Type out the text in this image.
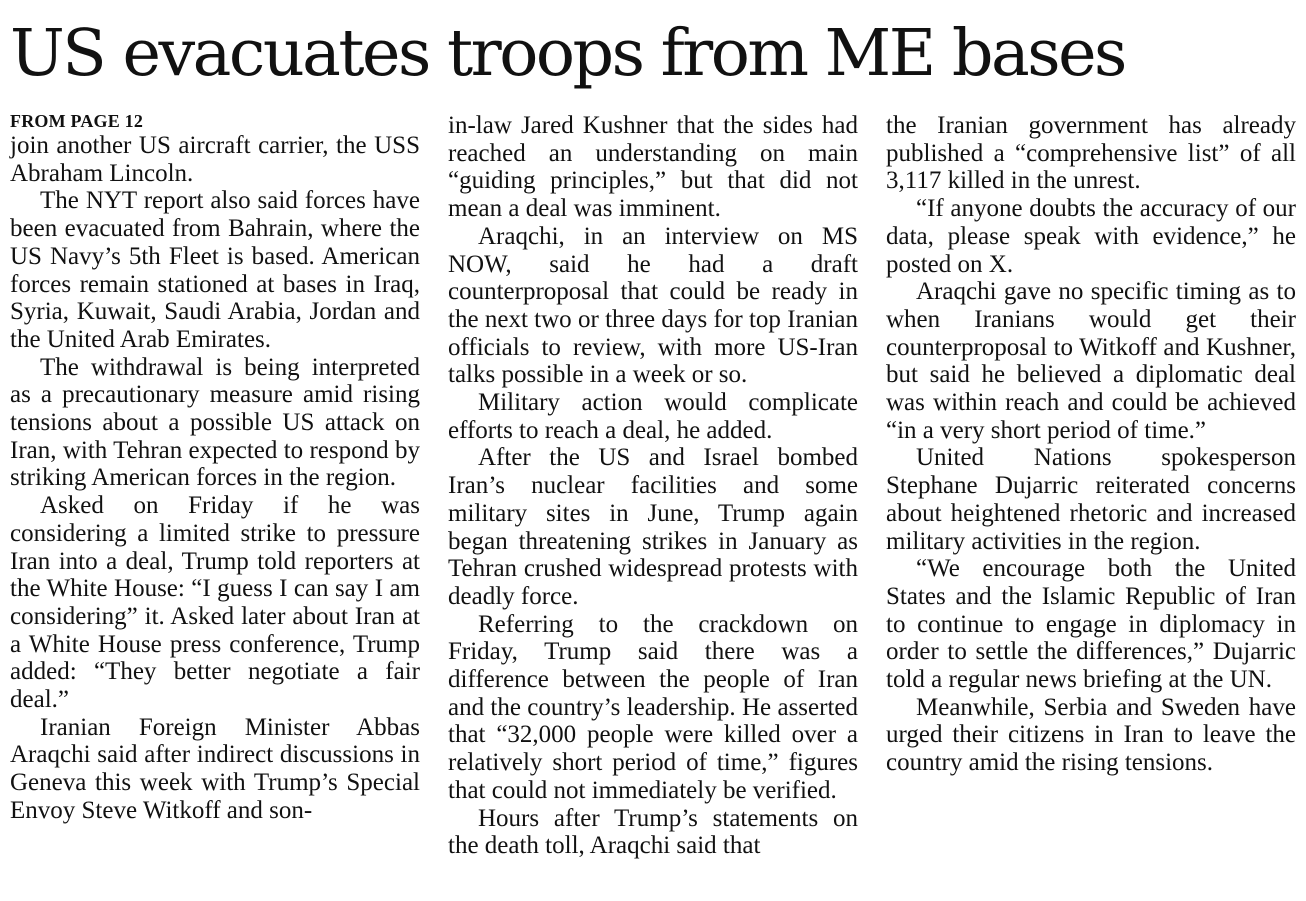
US evacuates troops from ME bases
FROM PAGE 12

join another US aircraft carrier, the USS Abraham Lincoln.

The NYT report also said forces have been evacuated from Bahrain, where the US Navy’s 5th Fleet is based. American forces remain stationed at bases in Iraq, Syria, Kuwait, Saudi Arabia, Jordan and the United Arab Emirates.

The withdrawal is being interpreted as a precautionary measure amid rising tensions about a possible US attack on Iran, with Tehran expected to respond by striking American forces in the region.

Asked on Friday if he was considering a limited strike to pressure Iran into a deal, Trump told reporters at the White House: “I guess I can say I am considering” it. Asked later about Iran at a White House press conference, Trump added: “They better negotiate a fair deal.”

Iranian Foreign Minister Abbas Araqchi said after indirect discussions in Geneva this week with Trump’s Special Envoy Steve Witkoff and son-

in-law Jared Kushner that the sides had reached an understanding on main “guiding principles,” but that did not mean a deal was imminent.

Araqchi, in an interview on MS NOW, said he had a draft counterproposal that could be ready in the next two or three days for top Iranian officials to review, with more US-Iran talks possible in a week or so.

Military action would complicate efforts to reach a deal, he added.

After the US and Israel bombed Iran’s nuclear facilities and some military sites in June, Trump again began threatening strikes in January as Tehran crushed widespread protests with deadly force.

Referring to the crackdown on Friday, Trump said there was a difference between the people of Iran and the country’s leadership. He asserted that “32,000 people were killed over a relatively short period of time,” figures that could not immediately be verified.

Hours after Trump’s statements on the death toll, Araqchi said that

the Iranian government has already published a “comprehensive list” of all 3,117 killed in the unrest.

“If anyone doubts the accuracy of our data, please speak with evidence,” he posted on X.

Araqchi gave no specific timing as to when Iranians would get their counterproposal to Witkoff and Kushner, but said he believed a diplomatic deal was within reach and could be achieved “in a very short period of time.”

United Nations spokesperson Stephane Dujarric reiterated concerns about heightened rhetoric and increased military activities in the region.

“We encourage both the United States and the Islamic Republic of Iran to continue to engage in diplomacy in order to settle the differences,” Dujarric told a regular news briefing at the UN.

Meanwhile, Serbia and Sweden have urged their citizens in Iran to leave the country amid the rising tensions.
